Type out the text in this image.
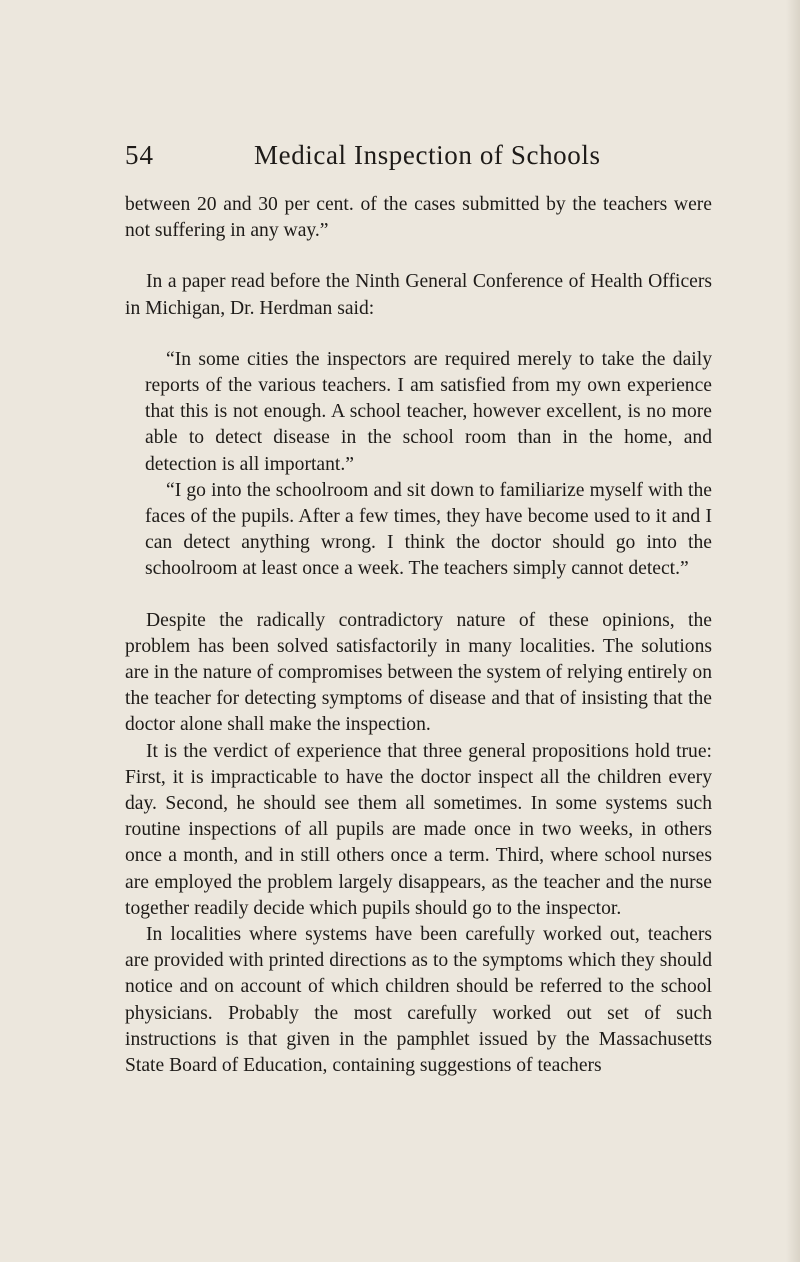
54	Medical Inspection of Schools

between 20 and 30 per cent. of the cases submitted by the teachers were not suffering in any way.”

In a paper read before the Ninth General Conference of Health Officers in Michigan, Dr. Herdman said:

“In some cities the inspectors are required merely to take the daily reports of the various teachers. I am satisfied from my own experience that this is not enough. A school teacher, however excellent, is no more able to detect disease in the school room than in the home, and detection is all important.”

“I go into the schoolroom and sit down to familiarize myself with the faces of the pupils. After a few times, they have become used to it and I can detect anything wrong. I think the doctor should go into the schoolroom at least once a week. The teachers simply cannot detect.”

Despite the radically contradictory nature of these opinions, the problem has been solved satisfactorily in many localities. The solutions are in the nature of compromises between the system of relying entirely on the teacher for detecting symptoms of disease and that of insisting that the doctor alone shall make the inspection.

It is the verdict of experience that three general propositions hold true: First, it is impracticable to have the doctor inspect all the children every day. Second, he should see them all sometimes. In some systems such routine inspections of all pupils are made once in two weeks, in others once a month, and in still others once a term. Third, where school nurses are employed the problem largely disappears, as the teacher and the nurse together readily decide which pupils should go to the inspector.

In localities where systems have been carefully worked out, teachers are provided with printed directions as to the symptoms which they should notice and on account of which children should be referred to the school physicians. Probably the most carefully worked out set of such instructions is that given in the pamphlet issued by the Massachusetts State Board of Education, containing suggestions of teachers
